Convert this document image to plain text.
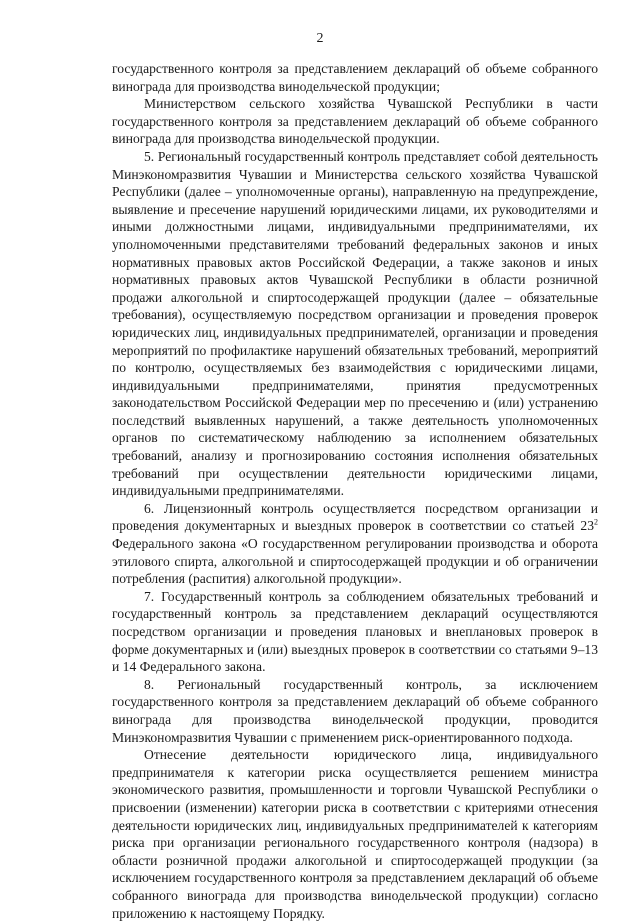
2

государственного контроля за представлением деклараций об объеме собранного винограда для производства винодельческой продукции;

Министерством сельского хозяйства Чувашской Республики в части государственного контроля за представлением деклараций об объеме собранного винограда для производства винодельческой продукции.

5. Региональный государственный контроль представляет собой деятельность Минэкономразвития Чувашии и Министерства сельского хозяйства Чувашской Республики (далее – уполномоченные органы), направленную на предупреждение, выявление и пресечение нарушений юридическими лицами, их руководителями и иными должностными лицами, индивидуальными предпринимателями, их уполномоченными представителями требований федеральных законов и иных нормативных правовых актов Российской Федерации, а также законов и иных нормативных правовых актов Чувашской Республики в области розничной продажи алкогольной и спиртосодержащей продукции (далее – обязательные требования), осуществляемую посредством организации и проведения проверок юридических лиц, индивидуальных предпринимателей, организации и проведения мероприятий по профилактике нарушений обязательных требований, мероприятий по контролю, осуществляемых без взаимодействия с юридическими лицами, индивидуальными предпринимателями, принятия предусмотренных законодательством Российской Федерации мер по пресечению и (или) устранению последствий выявленных нарушений, а также деятельность уполномоченных органов по систематическому наблюдению за исполнением обязательных требований, анализу и прогнозированию состояния исполнения обязательных требований при осуществлении деятельности юридическими лицами, индивидуальными предпринимателями.

6. Лицензионный контроль осуществляется посредством организации и проведения документарных и выездных проверок в соответствии со статьей $23^2$ Федерального закона «О государственном регулировании производства и оборота этилового спирта, алкогольной и спиртосодержащей продукции и об ограничении потребления (распития) алкогольной продукции».

7. Государственный контроль за соблюдением обязательных требований и государственный контроль за представлением деклараций осуществляются посредством организации и проведения плановых и внеплановых проверок в форме документарных и (или) выездных проверок в соответствии со статьями 9–13 и 14 Федерального закона.

8. Региональный государственный контроль, за исключением государственного контроля за представлением деклараций об объеме собранного винограда для производства винодельческой продукции, проводится Минэкономразвития Чувашии с применением риск-ориентированного подхода.

Отнесение деятельности юридического лица, индивидуального предпринимателя к категории риска осуществляется решением министра экономического развития, промышленности и торговли Чувашской Республики о присвоении (изменении) категории риска в соответствии с критериями отнесения деятельности юридических лиц, индивидуальных предпринимателей к категориям риска при организации регионального государственного контроля (надзора) в области розничной продажи алкогольной и спиртосодержащей продукции (за исключением государственного контроля за представлением деклараций об объеме собранного винограда для производства винодельческой продукции) согласно приложению к настоящему Порядку.
